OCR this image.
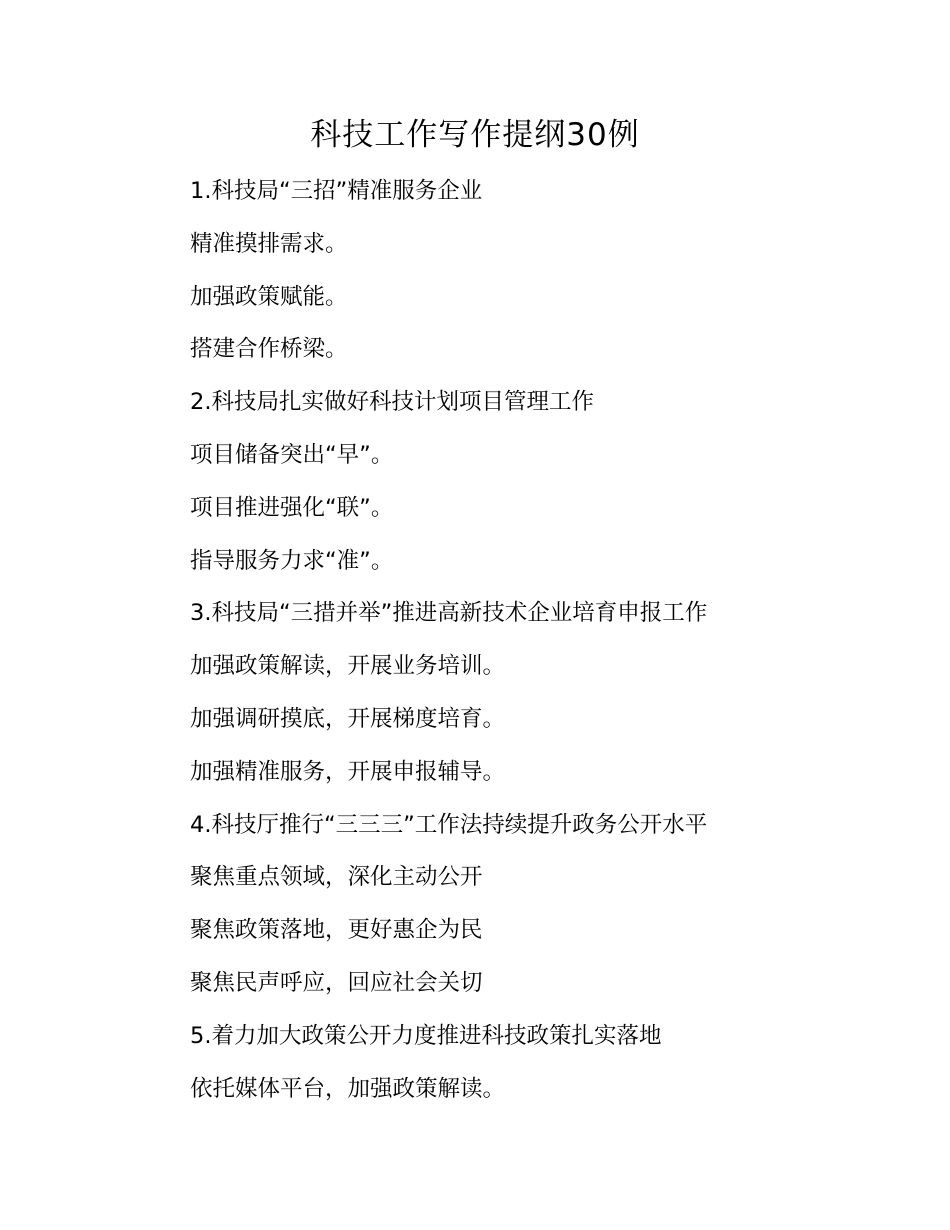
科技工作写作提纲30例
1.科技局“三招”精准服务企业
精准摸排需求。
加强政策赋能。
搭建合作桥梁。
2.科技局扎实做好科技计划项目管理工作
项目储备突出“早”。
项目推进强化“联”。
指导服务力求“准”。
3.科技局“三措并举”推进高新技术企业培育申报工作
加强政策解读，开展业务培训。
加强调研摸底，开展梯度培育。
加强精准服务，开展申报辅导。
4.科技厅推行“三三三”工作法持续提升政务公开水平
聚焦重点领域，深化主动公开
聚焦政策落地，更好惠企为民
聚焦民声呼应，回应社会关切
5.着力加大政策公开力度推进科技政策扎实落地
依托媒体平台，加强政策解读。
